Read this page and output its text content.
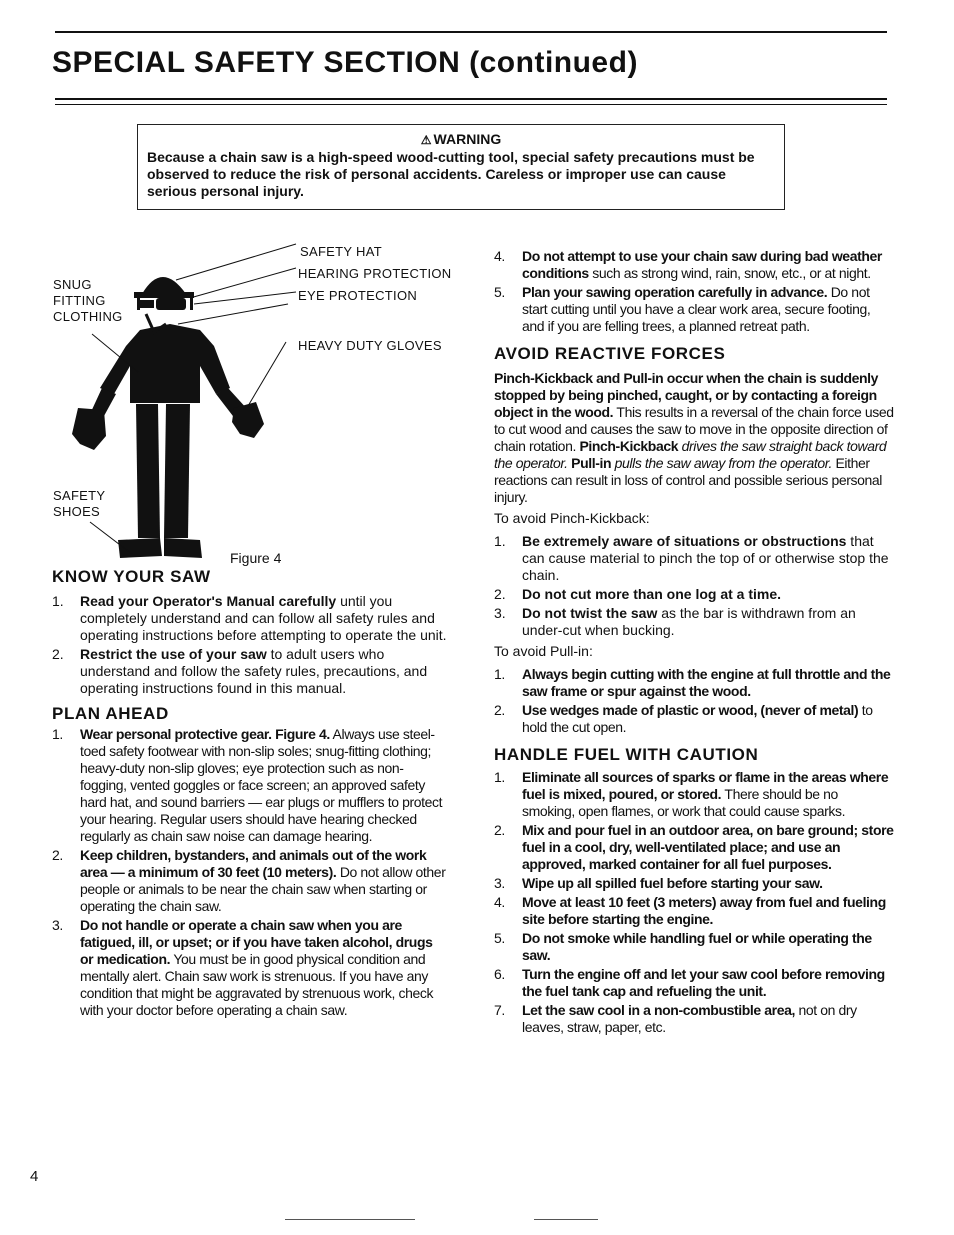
SPECIAL SAFETY SECTION (continued)
⚠ WARNING
Because a chain saw is a high-speed wood-cutting tool, special safety precautions must be observed to reduce the risk of personal accidents. Careless or improper use can cause serious personal injury.
SNUG
FITTING
CLOTHING
SAFETY HAT
HEARING PROTECTION
EYE PROTECTION
HEAVY DUTY GLOVES
SAFETY
SHOES
Figure 4
KNOW YOUR SAW
1.	Read your Operator's Manual carefully until you completely understand and can follow all safety rules and operating instructions before attempting to operate the unit.
2.	Restrict the use of your saw to adult users who understand and follow the safety rules, precautions, and operating instructions found in this manual.
PLAN AHEAD
1.	Wear personal protective gear. Figure 4. Always use steel-toed safety footwear with non-slip soles; snug-fitting clothing; heavy-duty non-slip gloves; eye protection such as non-fogging, vented goggles or face screen; an approved safety hard hat, and sound barriers — ear plugs or mufflers to protect your hearing. Regular users should have hearing checked regularly as chain saw noise can damage hearing.
2.	Keep children, bystanders, and animals out of the work area — a minimum of 30 feet (10 meters). Do not allow other people or animals to be near the chain saw when starting or operating the chain saw.
3.	Do not handle or operate a chain saw when you are fatigued, ill, or upset; or if you have taken alcohol, drugs or medication. You must be in good physical condition and mentally alert. Chain saw work is strenuous. If you have any condition that might be aggravated by strenuous work, check with your doctor before operating a chain saw.
4.	Do not attempt to use your chain saw during bad weather conditions such as strong wind, rain, snow, etc., or at night.
5.	Plan your sawing operation carefully in advance. Do not start cutting until you have a clear work area, secure footing, and if you are felling trees, a planned retreat path.
AVOID REACTIVE FORCES
Pinch-Kickback and Pull-in occur when the chain is suddenly stopped by being pinched, caught, or by contacting a foreign object in the wood. This results in a reversal of the chain force used to cut wood and causes the saw to move in the opposite direction of chain rotation. Pinch-Kickback drives the saw straight back toward the operator. Pull-in pulls the saw away from the operator. Either reactions can result in loss of control and possible serious personal injury.
To avoid Pinch-Kickback:
1.	Be extremely aware of situations or obstructions that can cause material to pinch the top of or otherwise stop the chain.
2.	Do not cut more than one log at a time.
3.	Do not twist the saw as the bar is withdrawn from an under-cut when bucking.
To avoid Pull-in:
1.	Always begin cutting with the engine at full throttle and the saw frame or spur against the wood.
2.	Use wedges made of plastic or wood, (never of metal) to hold the cut open.
HANDLE FUEL WITH CAUTION
1.	Eliminate all sources of sparks or flame in the areas where fuel is mixed, poured, or stored. There should be no smoking, open flames, or work that could cause sparks.
2.	Mix and pour fuel in an outdoor area, on bare ground; store fuel in a cool, dry, well-ventilated place; and use an approved, marked container for all fuel purposes.
3.	Wipe up all spilled fuel before starting your saw.
4.	Move at least 10 feet (3 meters) away from fuel and fueling site before starting the engine.
5.	Do not smoke while handling fuel or while operating the saw.
6.	Turn the engine off and let your saw cool before removing the fuel tank cap and refueling the unit.
7.	Let the saw cool in a non-combustible area, not on dry leaves, straw, paper, etc.
4
